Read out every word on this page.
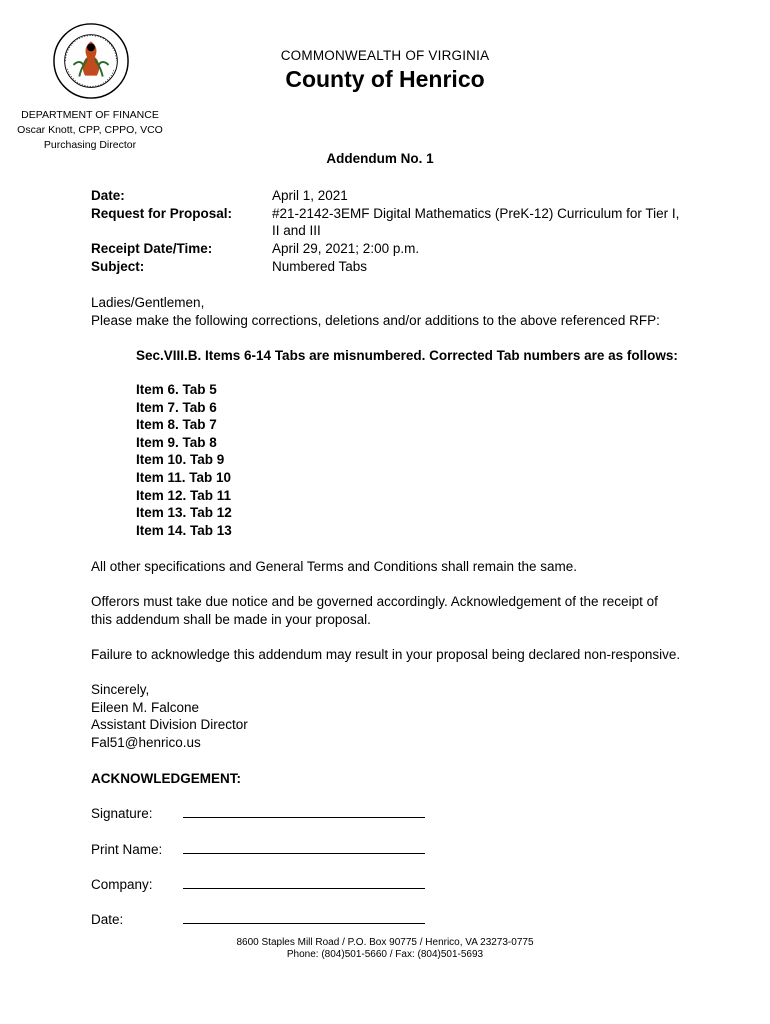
COMMONWEALTH OF VIRGINIA
County of Henrico
DEPARTMENT OF FINANCE
Oscar Knott, CPP, CPPO, VCO
Purchasing Director
Addendum No. 1
Date:	April 1, 2021
Request for Proposal:	#21-2142-3EMF Digital Mathematics (PreK-12) Curriculum for Tier I,
II and III
Receipt Date/Time:	April 29, 2021; 2:00 p.m.
Subject:	Numbered Tabs
Ladies/Gentlemen,
Please make the following corrections, deletions and/or additions to the above referenced RFP:
Sec.VIII.B. Items 6-14 Tabs are misnumbered. Corrected Tab numbers are as follows:
Item 6. Tab 5
Item 7. Tab 6
Item 8. Tab 7
Item 9. Tab 8
Item 10. Tab 9
Item 11. Tab 10
Item 12. Tab 11
Item 13. Tab 12
Item 14. Tab 13
All other specifications and General Terms and Conditions shall remain the same.
Offerors must take due notice and be governed accordingly. Acknowledgement of the receipt of
this addendum shall be made in your proposal.
Failure to acknowledge this addendum may result in your proposal being declared non-responsive.
Sincerely,
Eileen M. Falcone
Assistant Division Director
Fal51@henrico.us
ACKNOWLEDGEMENT:
Signature:
Print Name:
Company:
Date:
8600 Staples Mill Road / P.O. Box 90775 / Henrico, VA 23273-0775
Phone: (804)501-5660 / Fax: (804)501-5693
